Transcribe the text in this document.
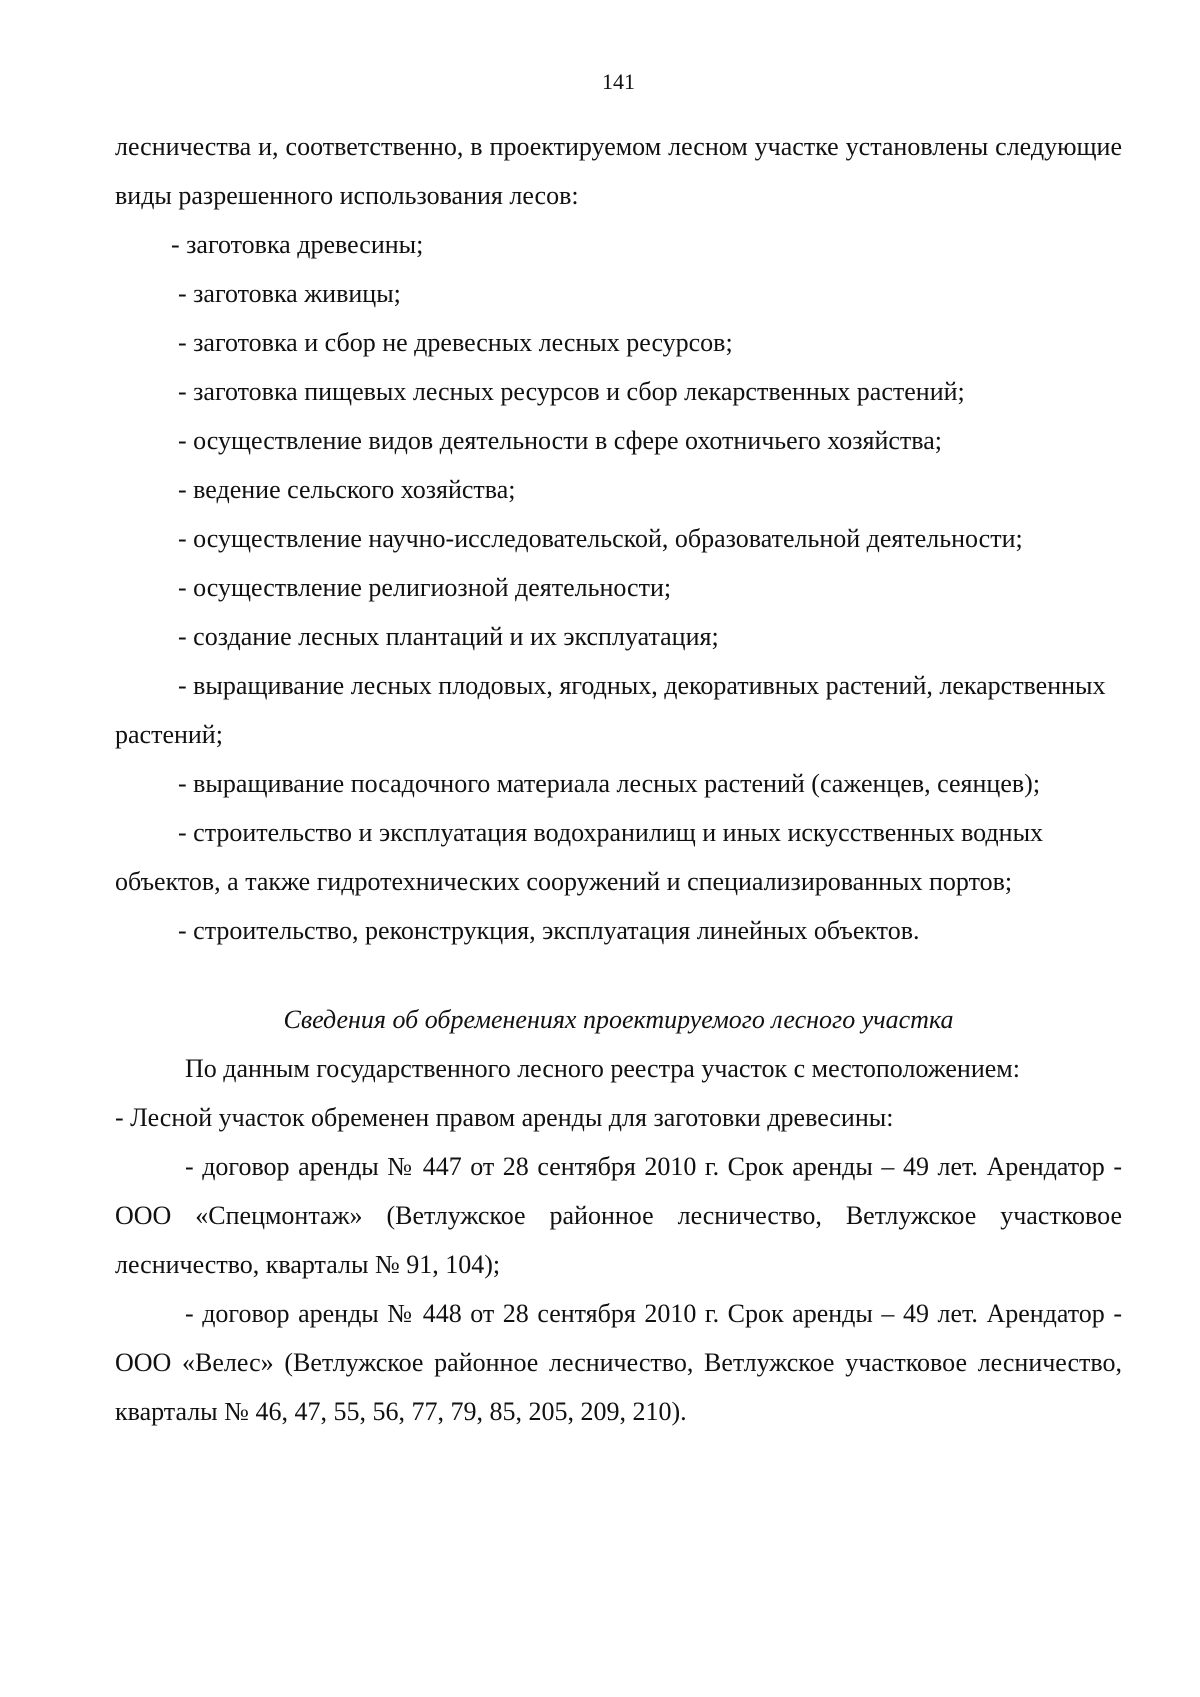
141

лесничества и, соответственно, в проектируемом лесном участке установлены следующие виды разрешенного использования лесов:

- заготовка древесины;

- заготовка живицы;

- заготовка и сбор не древесных лесных ресурсов;

- заготовка пищевых лесных ресурсов и сбор лекарственных растений;

- осуществление видов деятельности в сфере охотничьего хозяйства;

- ведение сельского хозяйства;

- осуществление научно-исследовательской, образовательной деятельности;

- осуществление религиозной деятельности;

- создание лесных плантаций и их эксплуатация;

- выращивание лесных плодовых, ягодных, декоративных растений, лекарственных растений;

- выращивание посадочного материала лесных растений (саженцев, сеянцев);

- строительство и эксплуатация водохранилищ и иных искусственных водных объектов, а также гидротехнических сооружений и специализированных портов;

- строительство, реконструкция, эксплуатация линейных объектов.

Сведения об обременениях проектируемого лесного участка

По данным государственного лесного реестра участок с местоположением:

- Лесной участок обременен правом аренды для заготовки древесины:

- договор аренды № 447 от 28 сентября 2010 г. Срок аренды – 49 лет. Арендатор - ООО «Спецмонтаж» (Ветлужское районное лесничество, Ветлужское участковое лесничество, кварталы № 91, 104);

- договор аренды № 448 от 28 сентября 2010 г. Срок аренды – 49 лет. Арендатор - ООО «Велес» (Ветлужское районное лесничество, Ветлужское участковое лесничество, кварталы № 46, 47, 55, 56, 77, 79, 85, 205, 209, 210).
